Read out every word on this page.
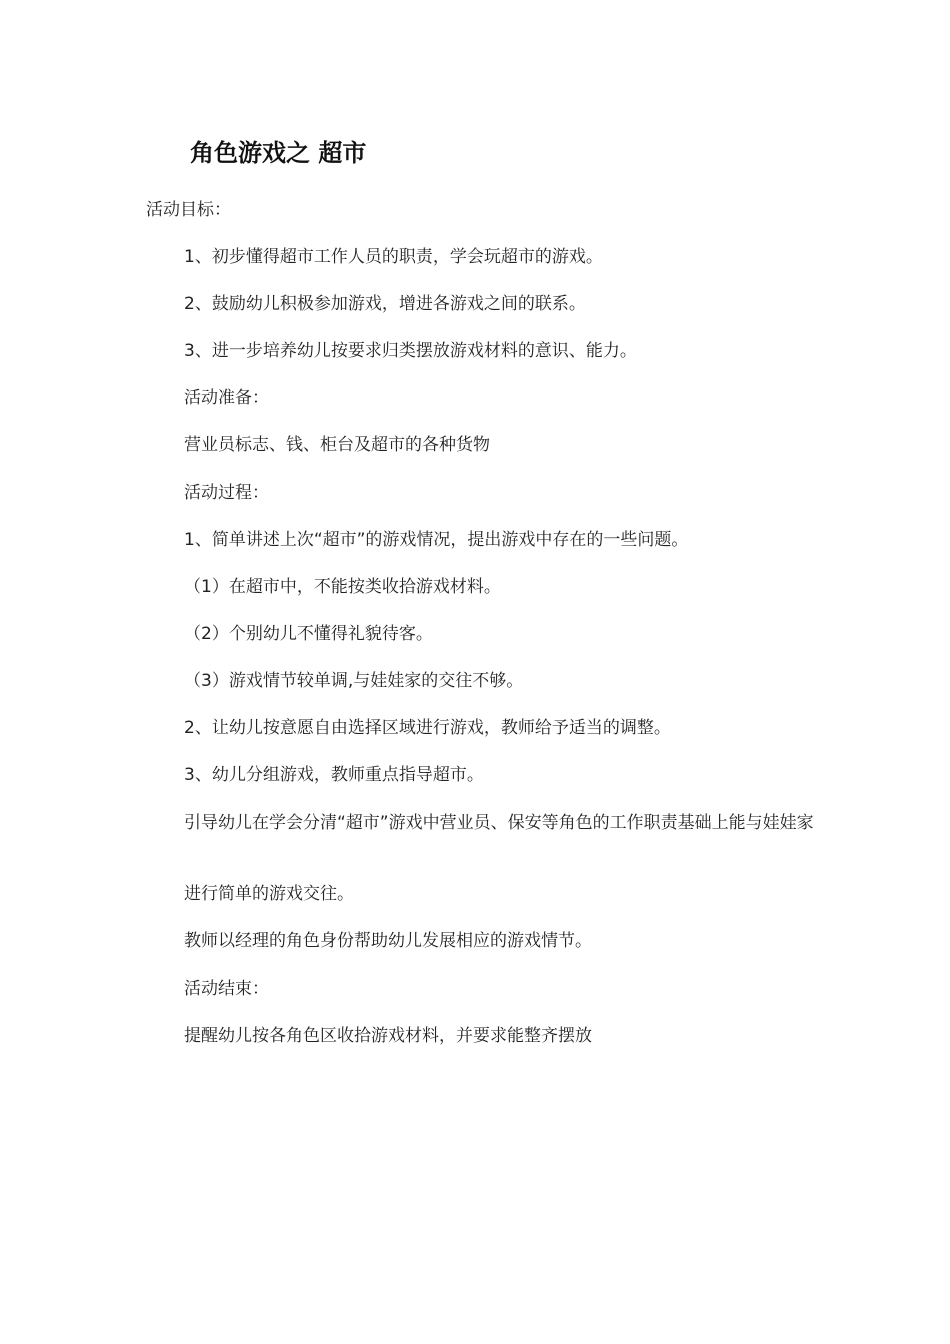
角色游戏之 超市
活动目标：
1、初步懂得超市工作人员的职责，学会玩超市的游戏。
2、鼓励幼儿积极参加游戏，增进各游戏之间的联系。
3、进一步培养幼儿按要求归类摆放游戏材料的意识、能力。
活动准备：
营业员标志、钱、柜台及超市的各种货物
活动过程：
1、简单讲述上次“超市”的游戏情况，提出游戏中存在的一些问题。
（1）在超市中，不能按类收拾游戏材料。
（2）个别幼儿不懂得礼貌待客。
（3）游戏情节较单调,与娃娃家的交往不够。
2、让幼儿按意愿自由选择区域进行游戏，教师给予适当的调整。
3、幼儿分组游戏，教师重点指导超市。
引导幼儿在学会分清“超市”游戏中营业员、保安等角色的工作职责基础上能与娃娃家
进行简单的游戏交往。
教师以经理的角色身份帮助幼儿发展相应的游戏情节。
活动结束：
提醒幼儿按各角色区收拾游戏材料，并要求能整齐摆放
